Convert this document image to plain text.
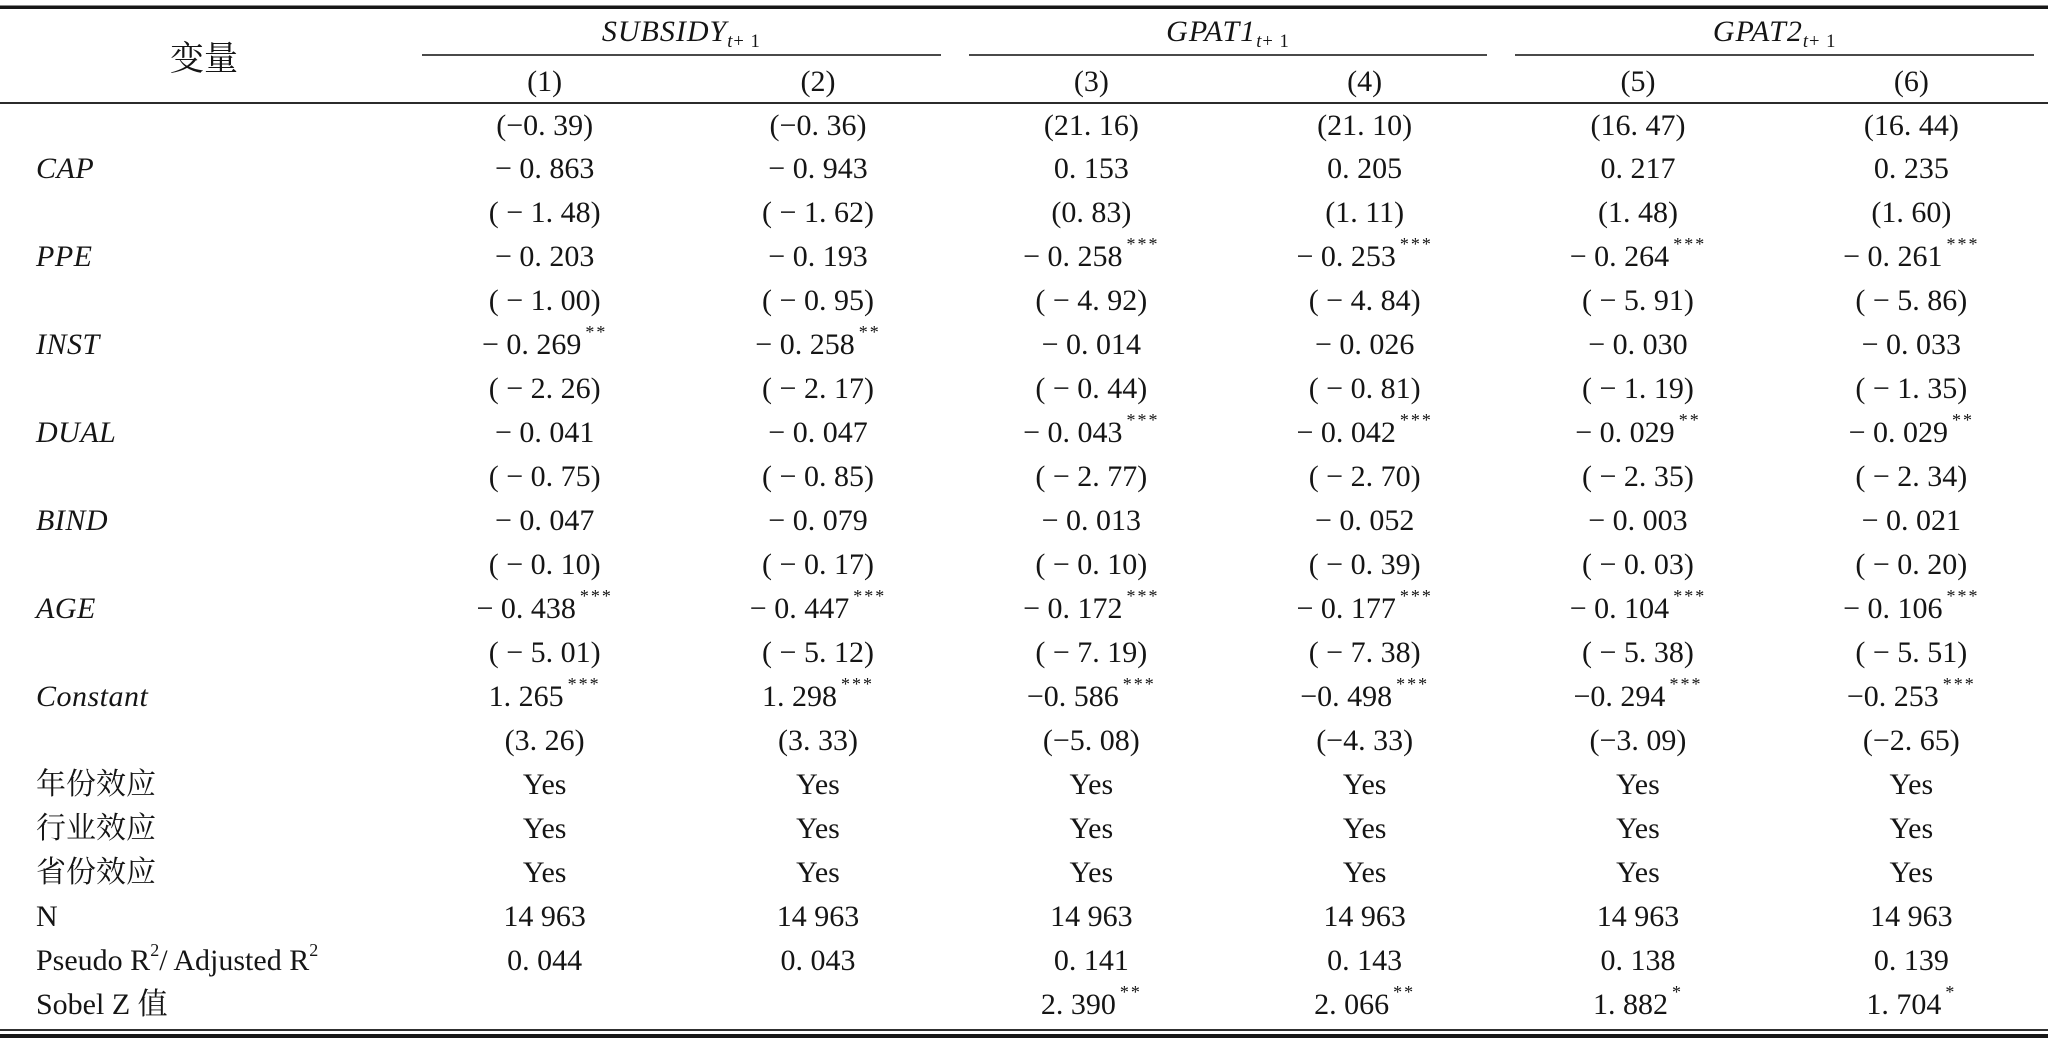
变量	$SUBSIDY_{t+ 1}$		$GPAT1_{t+ 1}$		$GPAT2_{t+ 1}$

	(1)	(2)	(3)	(4)	(5)	(6)
	(−0. 39)	(−0. 36)	(21. 16)	(21. 10)	(16. 47)	(16. 44)
CAP	− 0. 863	− 0. 943	0. 153	0. 205	0. 217	0. 235
	( − 1. 48)	( − 1. 62)	(0. 83)	(1. 11)	(1. 48)	(1. 60)
PPE	− 0. 203	− 0. 193	− 0. 258 ***	− 0. 253 ***	− 0. 264 ***	− 0. 261 ***
	( − 1. 00)	( − 0. 95)	( − 4. 92)	( − 4. 84)	( − 5. 91)	( − 5. 86)
INST	− 0. 269 **	− 0. 258 **	− 0. 014	− 0. 026	− 0. 030	− 0. 033
	( − 2. 26)	( − 2. 17)	( − 0. 44)	( − 0. 81)	( − 1. 19)	( − 1. 35)
DUAL	− 0. 041	− 0. 047	− 0. 043 ***	− 0. 042 ***	− 0. 029 **	− 0. 029 **
	( − 0. 75)	( − 0. 85)	( − 2. 77)	( − 2. 70)	( − 2. 35)	( − 2. 34)
BIND	− 0. 047	− 0. 079	− 0. 013	− 0. 052	− 0. 003	− 0. 021
	( − 0. 10)	( − 0. 17)	( − 0. 10)	( − 0. 39)	( − 0. 03)	( − 0. 20)
AGE	− 0. 438 ***	− 0. 447 ***	− 0. 172 ***	− 0. 177 ***	− 0. 104 ***	− 0. 106 ***
	( − 5. 01)	( − 5. 12)	( − 7. 19)	( − 7. 38)	( − 5. 38)	( − 5. 51)
Constant	1. 265 ***	1. 298 ***	−0. 586 ***	−0. 498 ***	−0. 294 ***	−0. 253 ***
	(3. 26)	(3. 33)	(−5. 08)	(−4. 33)	(−3. 09)	(−2. 65)
年份效应	Yes	Yes	Yes	Yes	Yes	Yes
行业效应	Yes	Yes	Yes	Yes	Yes	Yes
省份效应	Yes	Yes	Yes	Yes	Yes	Yes
N	14 963	14 963	14 963	14 963	14 963	14 963
Pseudo $R^2/$ Adjusted $R^2$	0. 044	0. 043	0. 141	0. 143	0. 138	0. 139
Sobel Z 值			2. 390 **	2. 066 **	1. 882 *	1. 704 *
